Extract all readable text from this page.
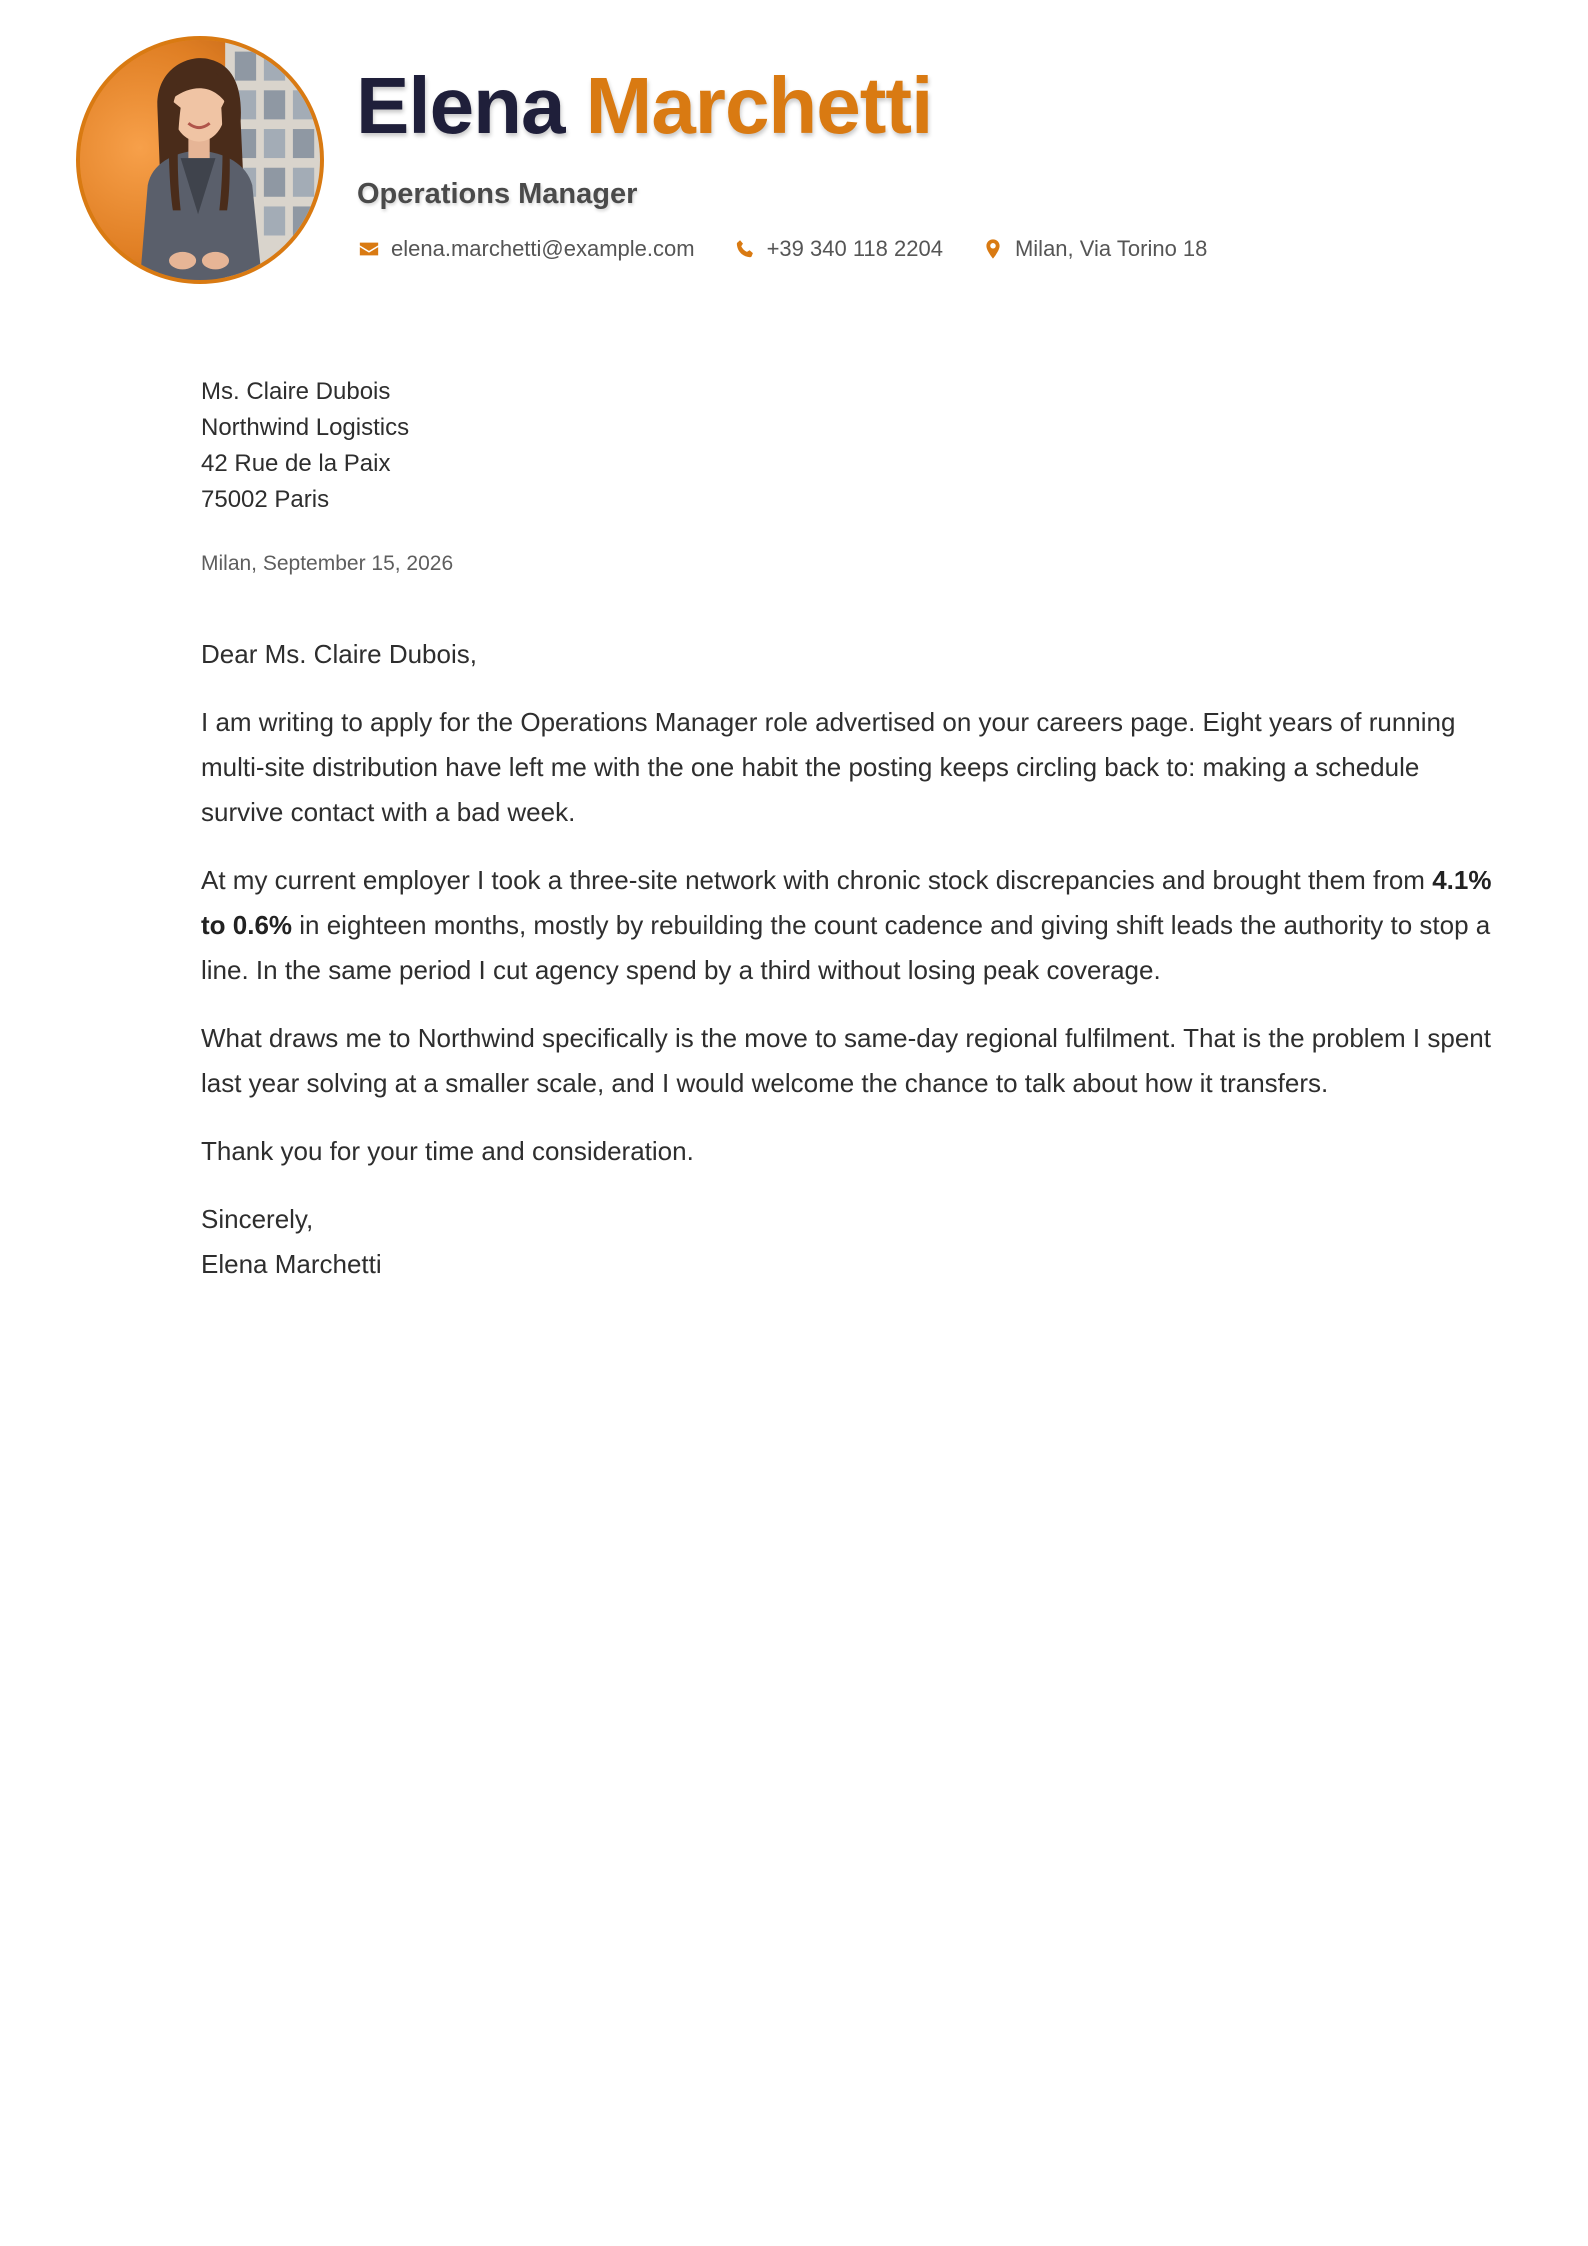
Elena Marchetti
Operations Manager
elena.marchetti@example.com	+39 340 118 2204	Milan, Via Torino 18
Ms. Claire Dubois
Northwind Logistics
42 Rue de la Paix
75002 Paris
Milan, September 15, 2026

Dear Ms. Claire Dubois,

I am writing to apply for the Operations Manager role advertised on your careers page. Eight years of running multi-site distribution have left me with the one habit the posting keeps circling back to: making a schedule survive contact with a bad week.

At my current employer I took a three-site network with chronic stock discrepancies and brought them from 4.1% to 0.6% in eighteen months, mostly by rebuilding the count cadence and giving shift leads the authority to stop a line. In the same period I cut agency spend by a third without losing peak coverage.

What draws me to Northwind specifically is the move to same-day regional fulfilment. That is the problem I spent last year solving at a smaller scale, and I would welcome the chance to talk about how it transfers.

Thank you for your time and consideration.

Sincerely,
Elena Marchetti
